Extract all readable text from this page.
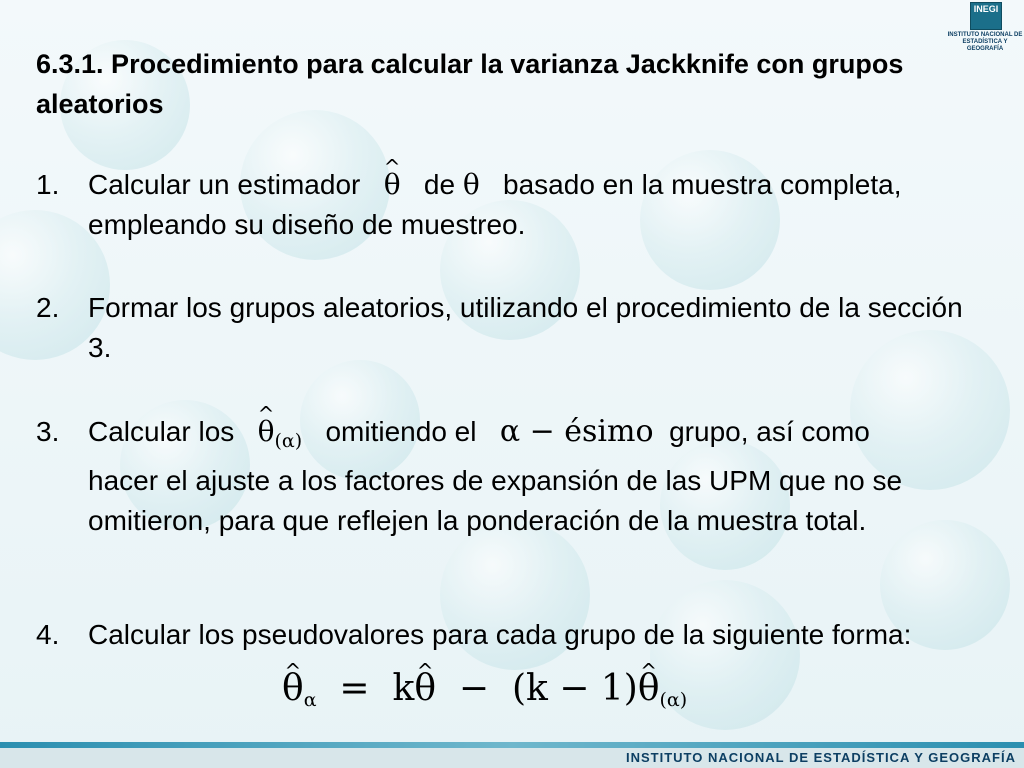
INEGI
INSTITUTO NACIONAL DE ESTADÍSTICA Y GEOGRAFÍA
6.3.1. Procedimiento para calcular la varianza Jackknife con grupos aleatorios
1. Calcular un estimador ^ θ de θ basado en la muestra completa, empleando su diseño de muestreo.
2. Formar los grupos aleatorios, utilizando el procedimiento de la sección 3.
3. Calcular los ^ $\theta_{(\alpha)}$ omitiendo el α − ésimo grupo, así como
hacer el ajuste a los factores de expansión de las UPM que no se omitieron, para que reflejen la ponderación de la muestra total.
4. Calcular los pseudovalores para cada grupo de la siguiente forma:
^ $\theta_\alpha$ = k^ θ − (k − 1)^ $\theta_{(\alpha)}$
INSTITUTO NACIONAL DE ESTADÍSTICA Y GEOGRAFÍA
